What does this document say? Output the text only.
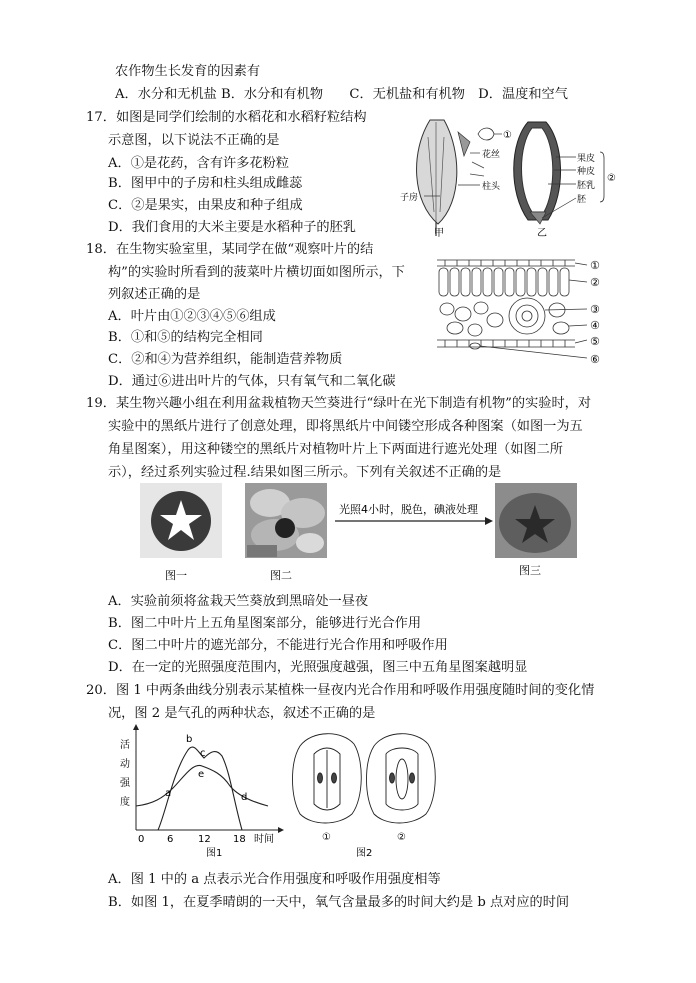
农作物生长发育的因素有
A．水分和无机盐 B．水分和有机物　　C．无机盐和有机物　D．温度和空气
17．如图是同学们绘制的水稻花和水稻籽粒结构
示意图，以下说法不正确的是
A．①是花药，含有许多花粉粒
B．图甲中的子房和柱头组成雌蕊
C．②是果实，由果皮和种子组成
D．我们食用的大米主要是水稻种子的胚乳
①
花丝
柱头
子房
甲
果皮
种皮
胚乳
胚
②
乙
18．在生物实验室里，某同学在做“观察叶片的结
构”的实验时所看到的菠菜叶片横切面如图所示，下
列叙述正确的是
A．叶片由①②③④⑤⑥组成
B．①和⑤的结构完全相同
C．②和④为营养组织，能制造营养物质
D．通过⑥进出叶片的气体，只有氧气和二氧化碳
①
②
③
④
⑤
⑥
19．某生物兴趣小组在利用盆栽植物天竺葵进行“绿叶在光下制造有机物”的实验时，对
实验中的黑纸片进行了创意处理，即将黑纸片中间镂空形成各种图案（如图一为五
角星图案），用这种镂空的黑纸片对植物叶片上下两面进行遮光处理（如图二所
示），经过系列实验过程.结果如图三所示。下列有关叙述不正确的是
光照4小时，脱色，碘液处理
图一	图二	图三
A．实验前须将盆栽天竺葵放到黑暗处一昼夜
B．图二中叶片上五角星图案部分，能够进行光合作用
C．图二中叶片的遮光部分，不能进行光合作用和呼吸作用
D．在一定的光照强度范围内，光照强度越强，图三中五角星图案越明显
20．图 1 中两条曲线分别表示某植株一昼夜内光合作用和呼吸作用强度随时间的变化情
况，图 2 是气孔的两种状态，叙述不正确的是
活
动
强
度
0 6 12 18 时间
a
b
c
d
e
图1
①	②
图2
A．图 1 中的 a 点表示光合作用强度和呼吸作用强度相等
B．如图 1，在夏季晴朗的一天中，氧气含量最多的时间大约是 b 点对应的时间
